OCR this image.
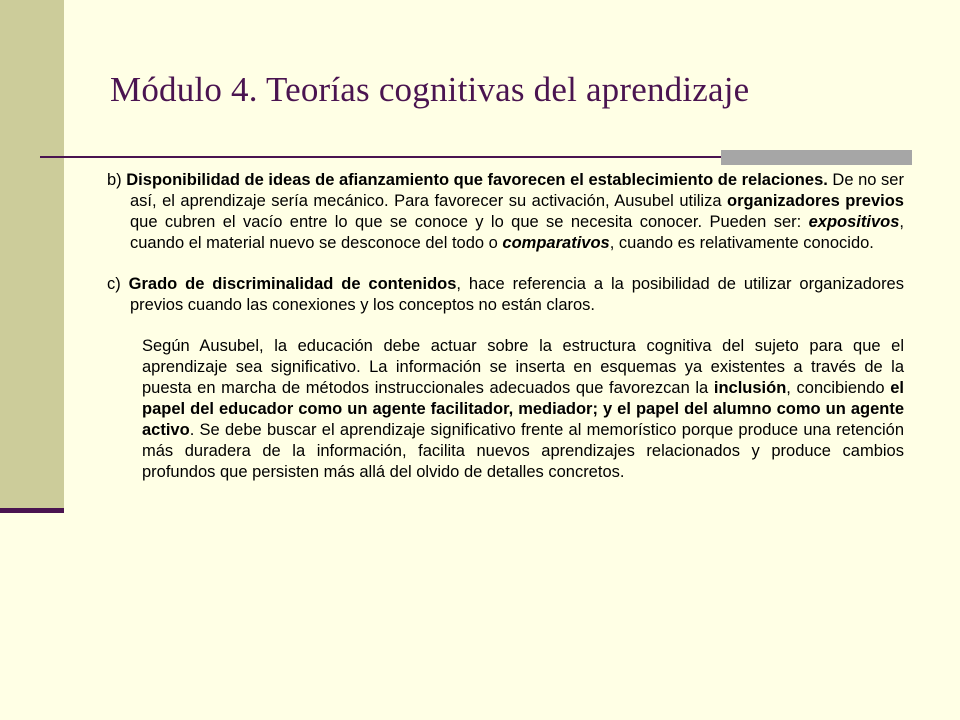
Módulo 4. Teorías cognitivas del aprendizaje

b) Disponibilidad de ideas de afianzamiento que favorecen el establecimiento de relaciones. De no ser así, el aprendizaje sería mecánico. Para favorecer su activación, Ausubel utiliza organizadores previos que cubren el vacío entre lo que se conoce y lo que se necesita conocer. Pueden ser: expositivos, cuando el material nuevo se desconoce del todo o comparativos, cuando es relativamente conocido.

c) Grado de discriminalidad de contenidos, hace referencia a la posibilidad de utilizar organizadores previos cuando las conexiones y los conceptos no están claros.

Según Ausubel, la educación debe actuar sobre la estructura cognitiva del sujeto para que el aprendizaje sea significativo. La información se inserta en esquemas ya existentes a través de la puesta en marcha de métodos instruccionales adecuados que favorezcan la inclusión, concibiendo el papel del educador como un agente facilitador, mediador; y el papel del alumno como un agente activo. Se debe buscar el aprendizaje significativo frente al memorístico porque produce una retención más duradera de la información, facilita nuevos aprendizajes relacionados y produce cambios profundos que persisten más allá del olvido de detalles concretos.
